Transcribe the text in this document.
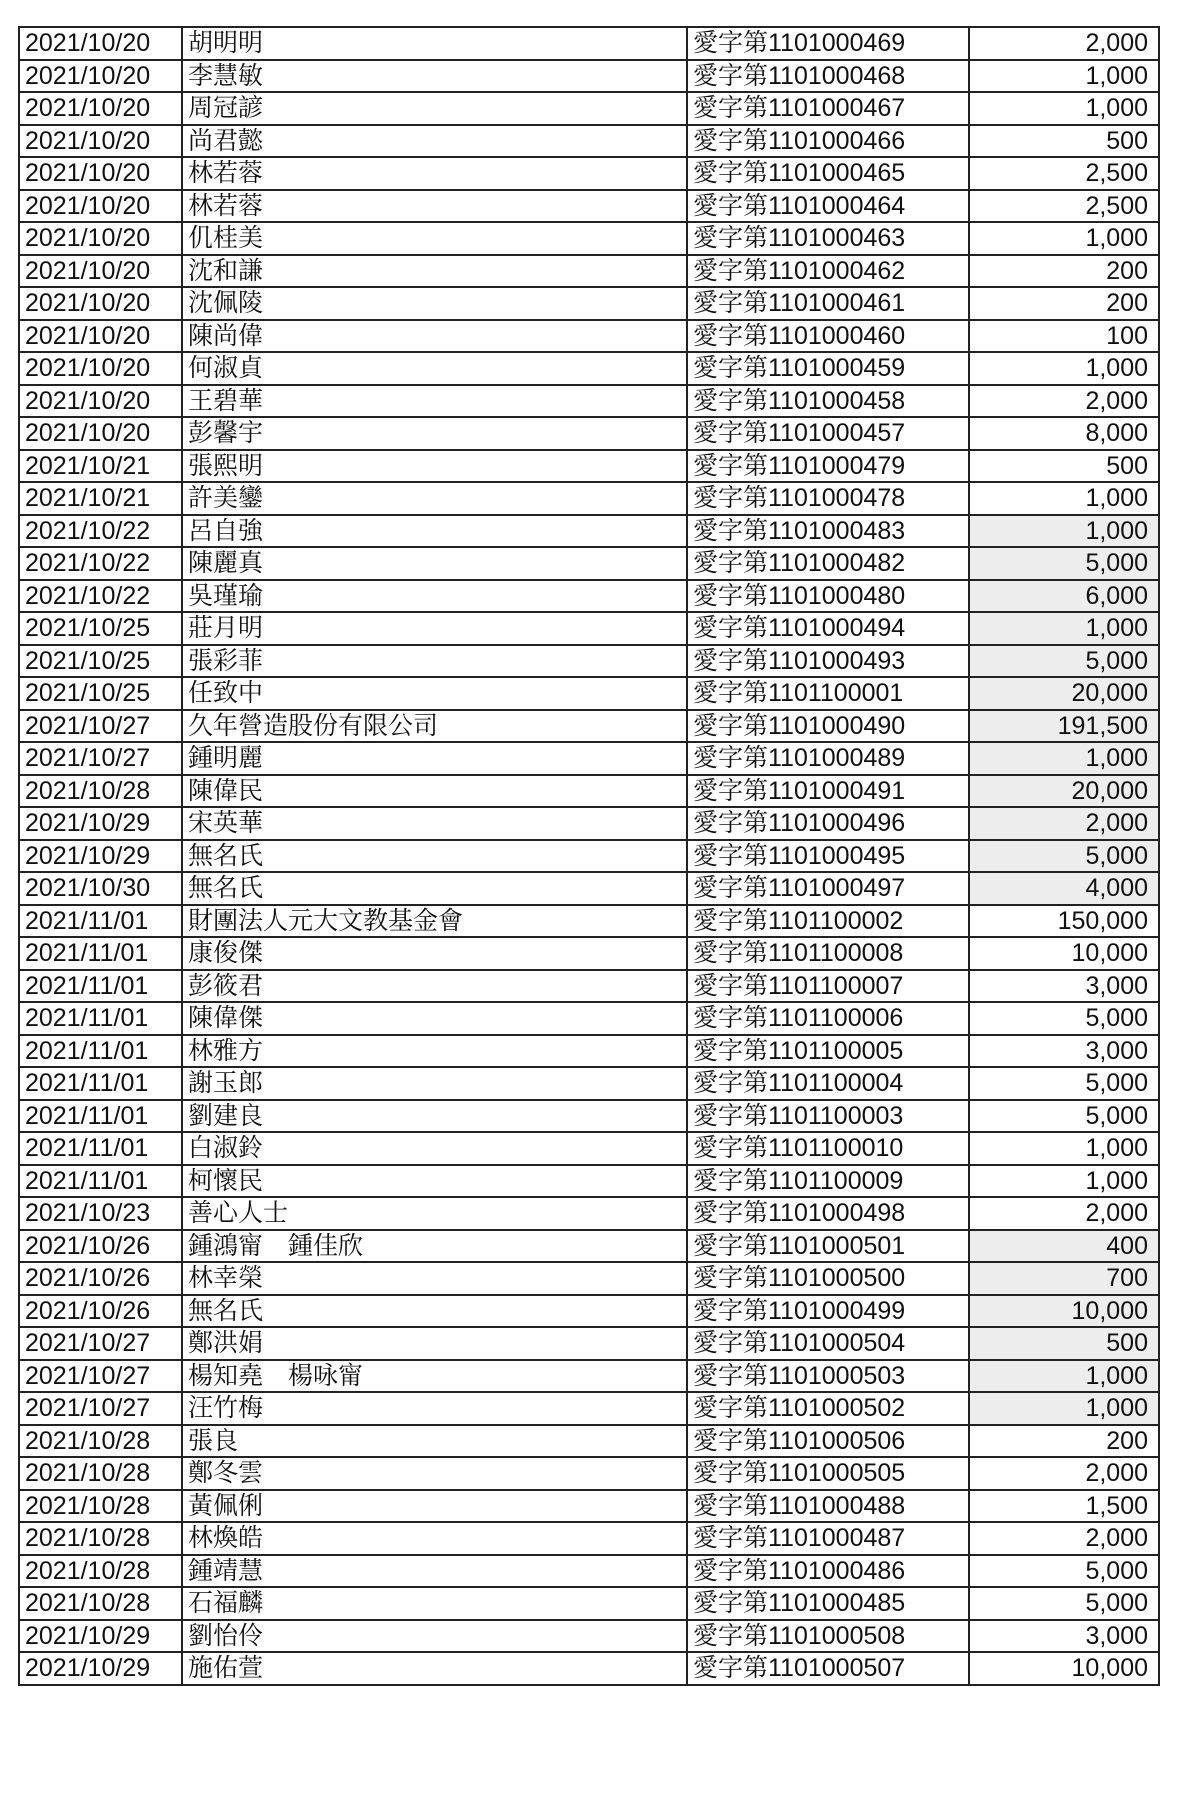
2021/10/20	胡明明	愛字第1101000469	2,000
2021/10/20	李慧敏	愛字第1101000468	1,000
2021/10/20	周冠諺	愛字第1101000467	1,000
2021/10/20	尚君懿	愛字第1101000466	500
2021/10/20	林若蓉	愛字第1101000465	2,500
2021/10/20	林若蓉	愛字第1101000464	2,500
2021/10/20	仉桂美	愛字第1101000463	1,000
2021/10/20	沈和謙	愛字第1101000462	200
2021/10/20	沈佩陵	愛字第1101000461	200
2021/10/20	陳尚偉	愛字第1101000460	100
2021/10/20	何淑貞	愛字第1101000459	1,000
2021/10/20	王碧華	愛字第1101000458	2,000
2021/10/20	彭馨宇	愛字第1101000457	8,000
2021/10/21	張熙明	愛字第1101000479	500
2021/10/21	許美鑾	愛字第1101000478	1,000
2021/10/22	呂自強	愛字第1101000483	1,000
2021/10/22	陳麗真	愛字第1101000482	5,000
2021/10/22	吳瑾瑜	愛字第1101000480	6,000
2021/10/25	莊月明	愛字第1101000494	1,000
2021/10/25	張彩菲	愛字第1101000493	5,000
2021/10/25	任致中	愛字第1101100001	20,000
2021/10/27	久年營造股份有限公司	愛字第1101000490	191,500
2021/10/27	鍾明麗	愛字第1101000489	1,000
2021/10/28	陳偉民	愛字第1101000491	20,000
2021/10/29	宋英華	愛字第1101000496	2,000
2021/10/29	無名氏	愛字第1101000495	5,000
2021/10/30	無名氏	愛字第1101000497	4,000
2021/11/01	財團法人元大文教基金會	愛字第1101100002	150,000
2021/11/01	康俊傑	愛字第1101100008	10,000
2021/11/01	彭筱君	愛字第1101100007	3,000
2021/11/01	陳偉傑	愛字第1101100006	5,000
2021/11/01	林雅方	愛字第1101100005	3,000
2021/11/01	謝玉郎	愛字第1101100004	5,000
2021/11/01	劉建良	愛字第1101100003	5,000
2021/11/01	白淑鈴	愛字第1101100010	1,000
2021/11/01	柯懷民	愛字第1101100009	1,000
2021/10/23	善心人士	愛字第1101000498	2,000
2021/10/26	鍾鴻甯　鍾佳欣	愛字第1101000501	400
2021/10/26	林幸榮	愛字第1101000500	700
2021/10/26	無名氏	愛字第1101000499	10,000
2021/10/27	鄭洪娟	愛字第1101000504	500
2021/10/27	楊知堯　楊咏甯	愛字第1101000503	1,000
2021/10/27	汪竹梅	愛字第1101000502	1,000
2021/10/28	張良	愛字第1101000506	200
2021/10/28	鄭冬雲	愛字第1101000505	2,000
2021/10/28	黃佩俐	愛字第1101000488	1,500
2021/10/28	林煥皓	愛字第1101000487	2,000
2021/10/28	鍾靖慧	愛字第1101000486	5,000
2021/10/28	石福麟	愛字第1101000485	5,000
2021/10/29	劉怡伶	愛字第1101000508	3,000
2021/10/29	施佑萱	愛字第1101000507	10,000
